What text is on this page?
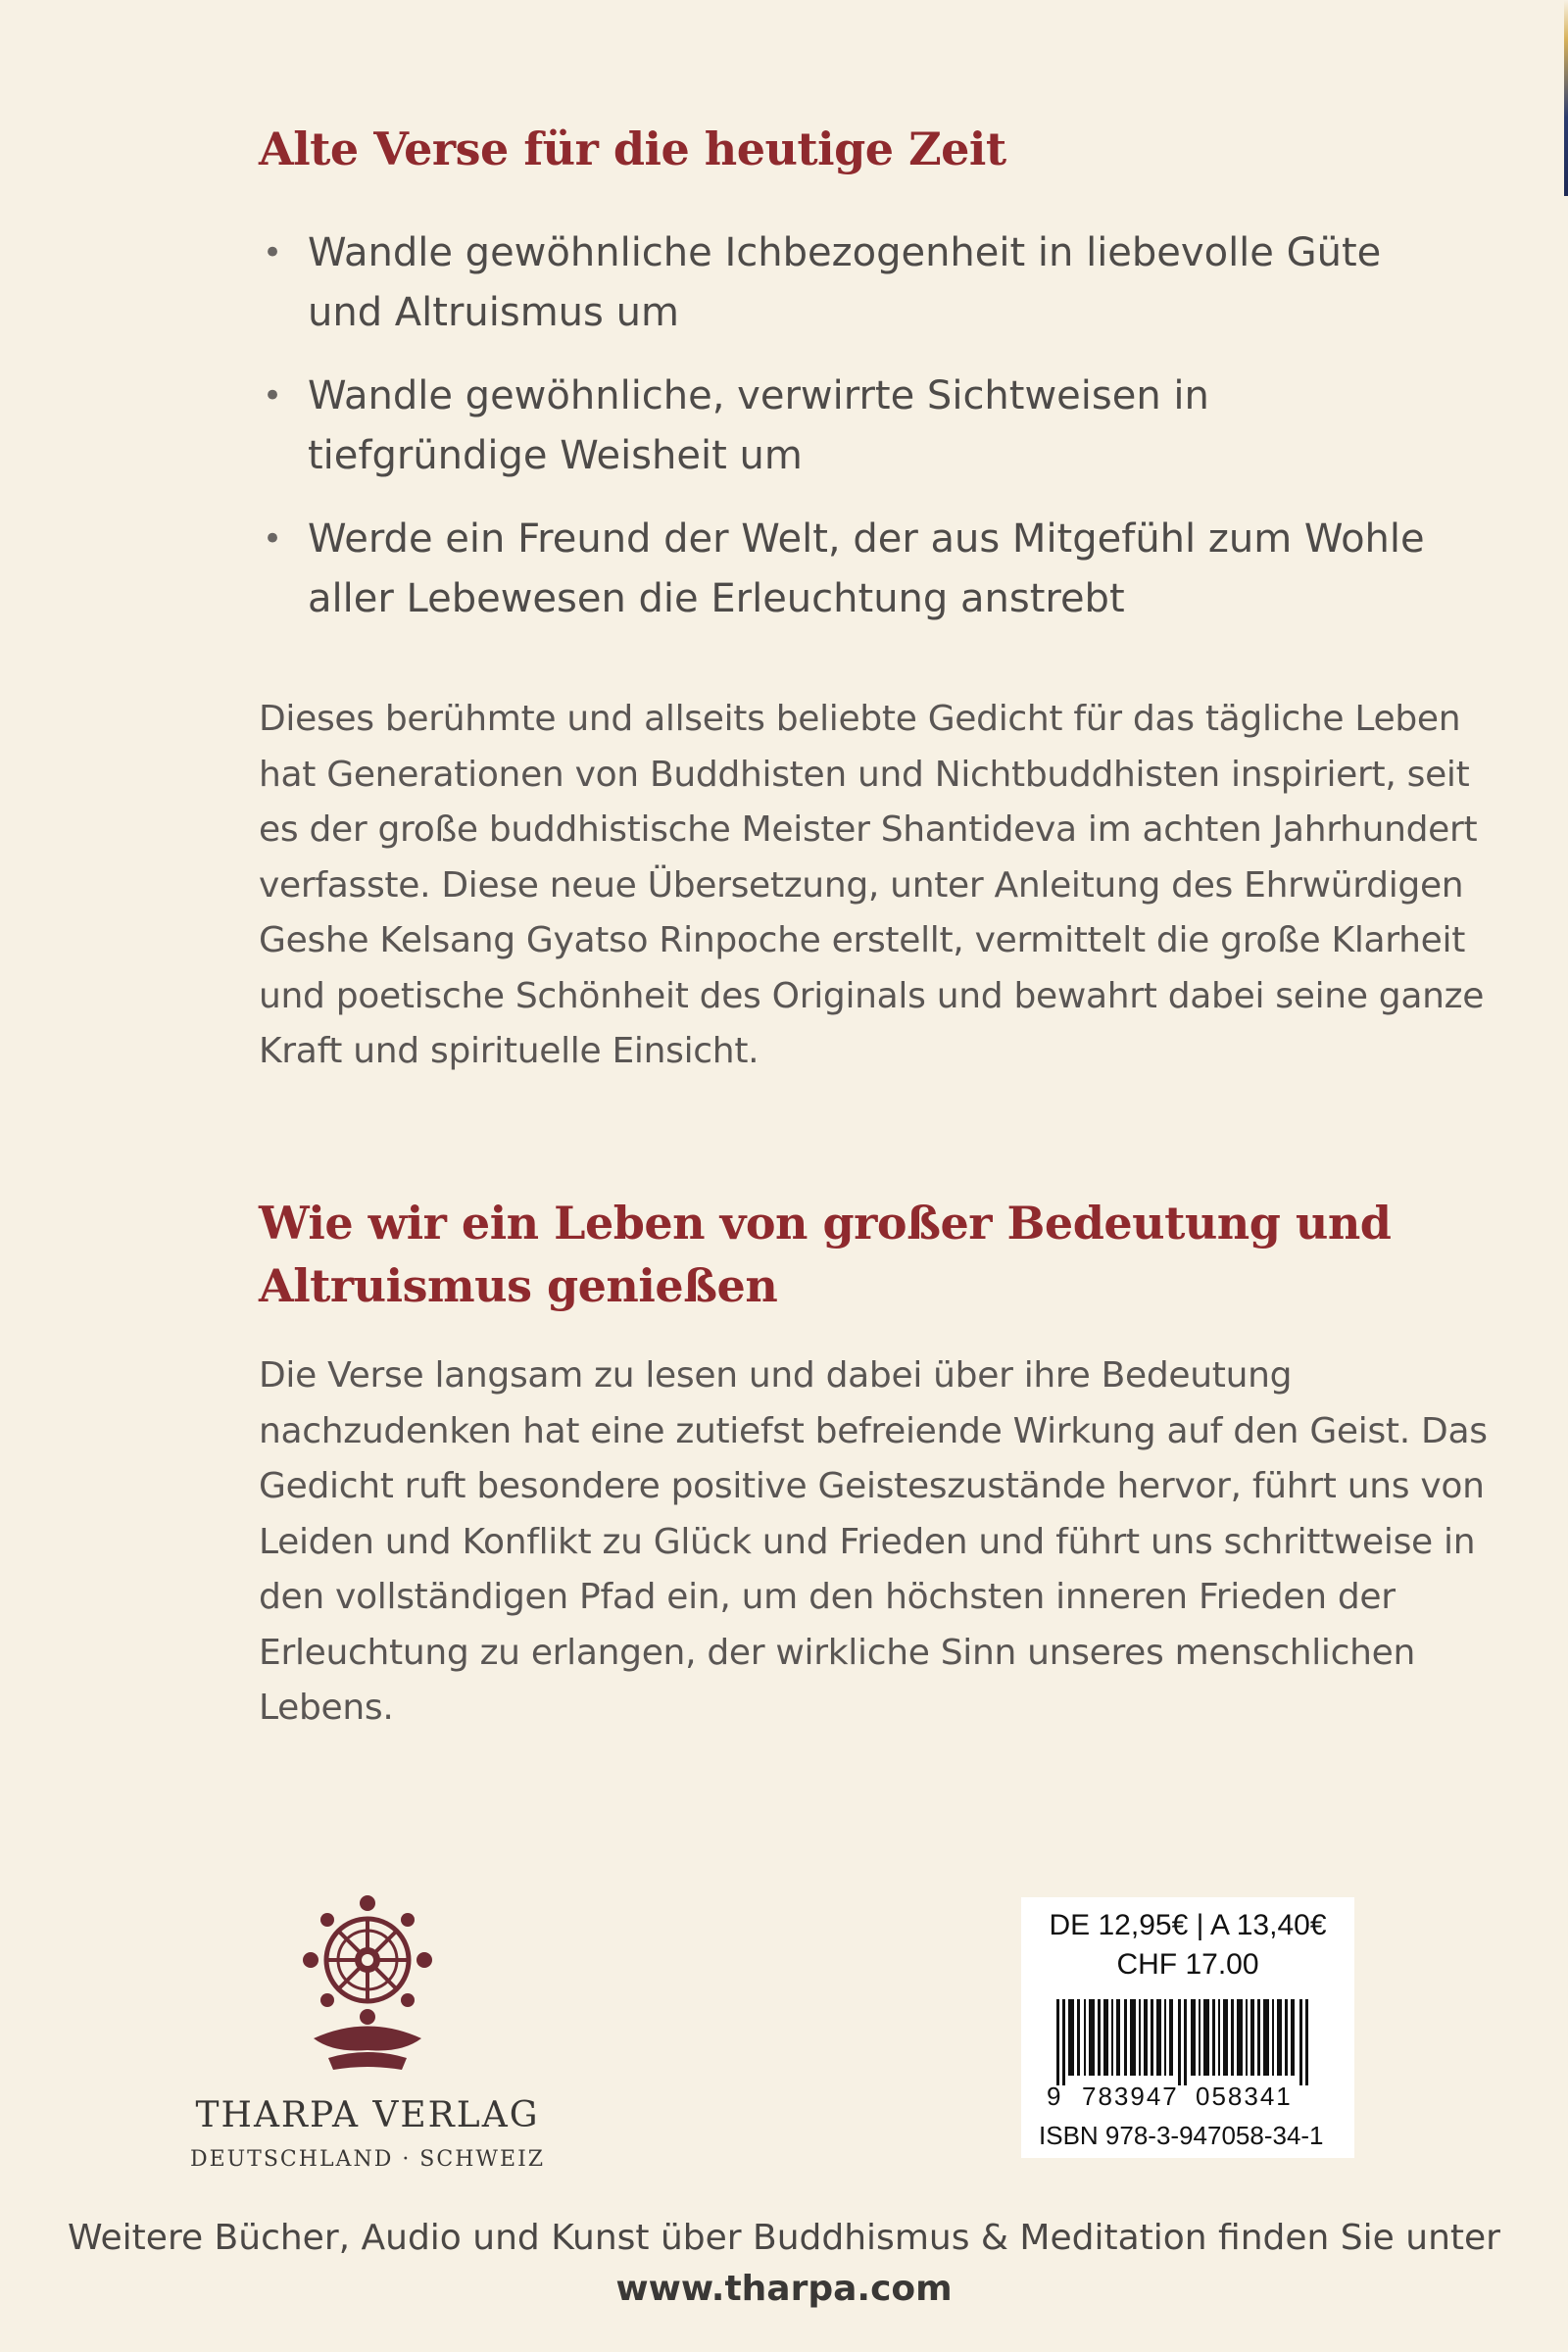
Alte Verse für die heutige Zeit
• Wandle gewöhnliche Ichbezogenheit in liebevolle Güte und Altruismus um
• Wandle gewöhnliche, verwirrte Sichtweisen in tiefgründige Weisheit um
• Werde ein Freund der Welt, der aus Mitgefühl zum Wohle aller Lebewesen die Erleuchtung anstrebt

Dieses berühmte und allseits beliebte Gedicht für das tägliche Leben hat Generationen von Buddhisten und Nichtbuddhisten inspiriert, seit es der große buddhistische Meister Shantideva im achten Jahrhundert verfasste. Diese neue Übersetzung, unter Anleitung des Ehrwürdigen Geshe Kelsang Gyatso Rinpoche erstellt, vermittelt die große Klarheit und poetische Schönheit des Originals und bewahrt dabei seine ganze Kraft und spirituelle Einsicht.

Wie wir ein Leben von großer Bedeutung und Altruismus genießen

Die Verse langsam zu lesen und dabei über ihre Bedeutung nachzudenken hat eine zutiefst befreiende Wirkung auf den Geist. Das Gedicht ruft besondere positive Geisteszustände hervor, führt uns von Leiden und Konflikt zu Glück und Frieden und führt uns schrittweise in den vollständigen Pfad ein, um den höchsten inneren Frieden der Erleuchtung zu erlangen, der wirkliche Sinn unseres menschlichen Lebens.

THARPA VERLAG
DEUTSCHLAND · SCHWEIZ
DE 12,95€ | A 13,40€
CHF 17.00
9 783947 058341
ISBN 978-3-947058-34-1
Weitere Bücher, Audio und Kunst über Buddhismus & Meditation finden Sie unter
www.tharpa.com
